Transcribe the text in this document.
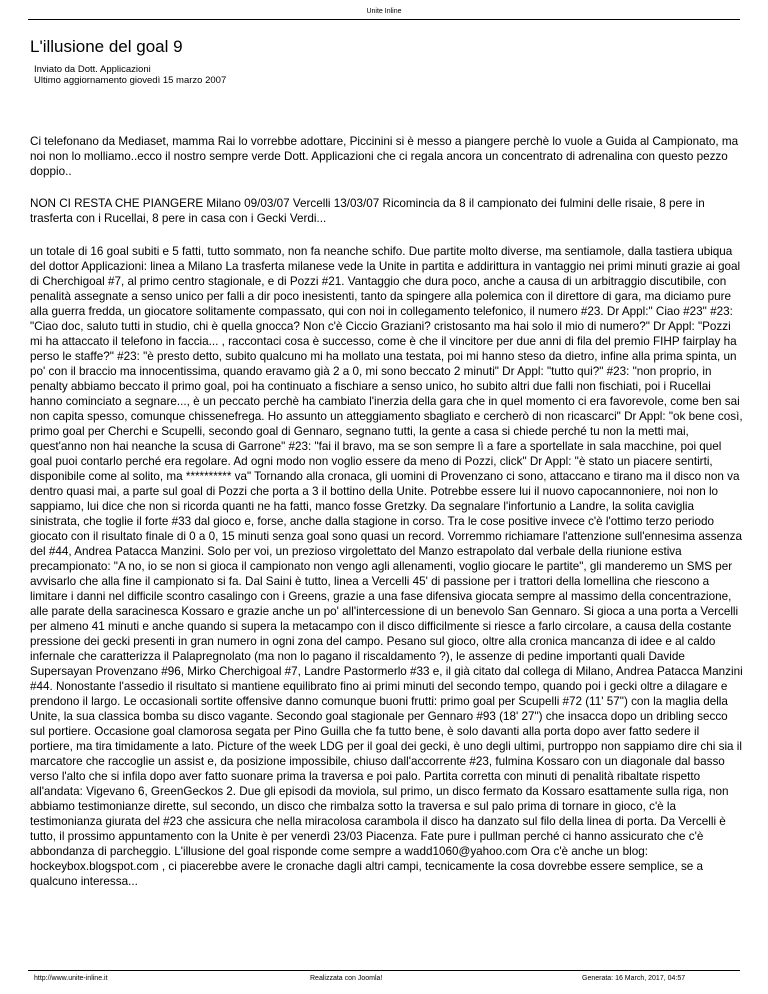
Unite Inline
L'illusione del goal 9
Inviato da Dott. Applicazioni
Ultimo aggiornamento giovedì 15 marzo 2007
Ci telefonano da Mediaset, mamma Rai lo vorrebbe adottare, Piccinini si è messo a piangere perchè lo vuole a Guida al Campionato, ma noi non lo molliamo..ecco il nostro sempre verde Dott. Applicazioni che ci regala ancora un concentrato di adrenalina con questo pezzo doppio..
NON CI RESTA CHE PIANGERE Milano 09/03/07 Vercelli 13/03/07 Ricomincia da 8 il campionato dei fulmini delle risaie, 8 pere in trasferta con i Rucellai, 8 pere in casa con i Gecki Verdi...
un totale di 16 goal subiti e 5 fatti, tutto sommato, non fa neanche schifo. Due partite molto diverse, ma sentiamole, dalla tastiera ubiqua del dottor Applicazioni: linea a Milano La trasferta milanese vede la Unite in partita e addirittura in vantaggio nei primi minuti grazie ai goal di Cherchigoal #7, al primo centro stagionale, e di Pozzi #21. Vantaggio che dura poco, anche a causa di un arbitraggio discutibile, con penalità assegnate a senso unico per falli a dir poco inesistenti, tanto da spingere alla polemica con il direttore di gara, ma diciamo pure alla guerra fredda, un giocatore solitamente compassato, qui con noi in collegamento telefonico, il numero #23. Dr Appl:" Ciao #23" #23: "Ciao doc, saluto tutti in studio, chi è quella gnocca? Non c'è Ciccio Graziani? cristosanto ma hai solo il mio di numero?" Dr Appl: "Pozzi mi ha attaccato il telefono in faccia... , raccontaci cosa è successo, come è che il vincitore per due anni di fila del premio FIHP fairplay ha perso le staffe?" #23: "è presto detto, subito qualcuno mi ha mollato una testata, poi mi hanno steso da dietro, infine alla prima spinta, un po' con il braccio ma innocentissima, quando eravamo già 2 a 0, mi sono beccato 2 minuti" Dr Appl: "tutto qui?" #23: "non proprio, in penalty abbiamo beccato il primo goal, poi ha continuato a fischiare a senso unico, ho subito altri due falli non fischiati, poi i Rucellai hanno cominciato a segnare..., è un peccato perchè ha cambiato l'inerzia della gara che in quel momento ci era favorevole, come ben sai non capita spesso, comunque chissenefrega. Ho assunto un atteggiamento sbagliato e cercherò di non ricascarci" Dr Appl: "ok bene così, primo goal per Cherchi e Scupelli, secondo goal di Gennaro, segnano tutti, la gente a casa si chiede perché tu non la metti mai, quest'anno non hai neanche la scusa di Garrone" #23: "fai il bravo, ma se son sempre lì a fare a sportellate in sala macchine, poi quel goal puoi contarlo perché era regolare. Ad ogni modo non voglio essere da meno di Pozzi, click" Dr Appl: "è stato un piacere sentirti, disponibile come al solito, ma ********** va" Tornando alla cronaca, gli uomini di Provenzano ci sono, attaccano e tirano ma il disco non va dentro quasi mai, a parte sul goal di Pozzi che porta a 3 il bottino della Unite. Potrebbe essere lui il nuovo capocannoniere, noi non lo sappiamo, lui dice che non si ricorda quanti ne ha fatti, manco fosse Gretzky. Da segnalare l'infortunio a Landre, la solita caviglia sinistrata, che toglie il forte #33 dal gioco e, forse, anche dalla stagione in corso. Tra le cose positive invece c'è l'ottimo terzo periodo giocato con il risultato finale di 0 a 0, 15 minuti senza goal sono quasi un record. Vorremmo richiamare l'attenzione sull'ennesima assenza del #44, Andrea Patacca Manzini. Solo per voi, un prezioso virgolettato del Manzo estrapolato dal verbale della riunione estiva precampionato: "A no, io se non si gioca il campionato non vengo agli allenamenti, voglio giocare le partite", gli manderemo un SMS per avvisarlo che alla fine il campionato si fa. Dal Saini è tutto, linea a Vercelli 45' di passione per i trattori della lomellina che riescono a limitare i danni nel difficile scontro casalingo con i Greens, grazie a una fase difensiva giocata sempre al massimo della concentrazione, alle parate della saracinesca Kossaro e grazie anche un po' all'intercessione di un benevolo San Gennaro. Si gioca a una porta a Vercelli per almeno 41 minuti e anche quando si supera la metacampo con il disco difficilmente si riesce a farlo circolare, a causa della costante pressione dei gecki presenti in gran numero in ogni zona del campo. Pesano sul gioco, oltre alla cronica mancanza di idee e al caldo infernale che caratterizza il Palapregnolato (ma non lo pagano il riscaldamento ?), le assenze di pedine importanti quali Davide Supersayan Provenzano #96, Mirko Cherchigoal #7, Landre Pastormerlo #33 e, il già citato dal collega di Milano, Andrea Patacca Manzini #44. Nonostante l'assedio il risultato si mantiene equilibrato fino ai primi minuti del secondo tempo, quando poi i gecki oltre a dilagare e prendono il largo. Le occasionali sortite offensive danno comunque buoni frutti: primo goal per Scupelli #72 (11' 57") con la maglia della Unite, la sua classica bomba su disco vagante. Secondo goal stagionale per Gennaro #93 (18' 27") che insacca dopo un dribling secco sul portiere. Occasione goal clamorosa segata per Pino Guilla che fa tutto bene, è solo davanti alla porta dopo aver fatto sedere il portiere, ma tira timidamente a lato. Picture of the week LDG per il goal dei gecki, è uno degli ultimi, purtroppo non sappiamo dire chi sia il marcatore che raccoglie un assist e, da posizione impossibile, chiuso dall'accorrente #23, fulmina Kossaro con un diagonale dal basso verso l'alto che si infila dopo aver fatto suonare prima la traversa e poi palo. Partita corretta con minuti di penalità ribaltate rispetto all'andata: Vigevano 6, GreenGeckos 2. Due gli episodi da moviola, sul primo, un disco fermato da Kossaro esattamente sulla riga, non abbiamo testimonianze dirette, sul secondo, un disco che rimbalza sotto la traversa e sul palo prima di tornare in gioco, c'è la testimonianza giurata del #23 che assicura che nella miracolosa carambola il disco ha danzato sul filo della linea di porta. Da Vercelli è tutto, il prossimo appuntamento con la Unite è per venerdì 23/03 Piacenza. Fate pure i pullman perché ci hanno assicurato che c'è abbondanza di parcheggio. L'illusione del goal risponde come sempre a wadd1060@yahoo.com Ora c'è anche un blog: hockeybox.blogspot.com , ci piacerebbe avere le cronache dagli altri campi, tecnicamente la cosa dovrebbe essere semplice, se a qualcuno interessa...
http://www.unite-inline.it	Realizzata con Joomla!	Generata: 16 March, 2017, 04:57
